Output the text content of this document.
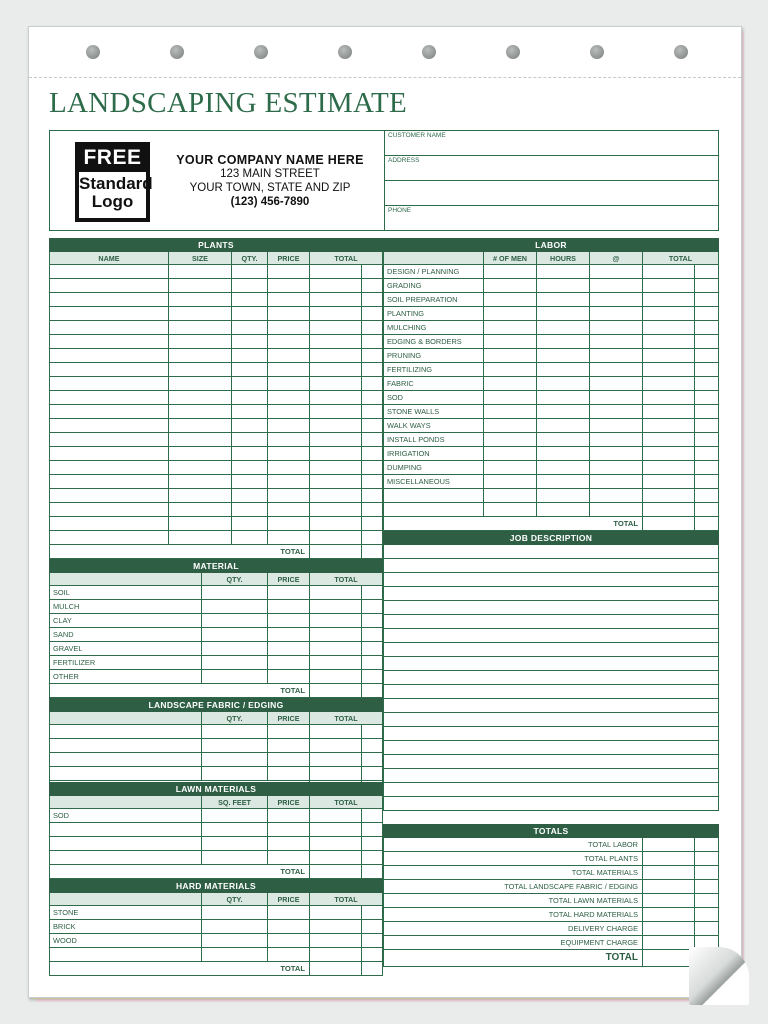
LANDSCAPING ESTIMATE
FREE
Standard
Logo
YOUR COMPANY NAME HERE
123 MAIN STREET
YOUR TOWN, STATE AND ZIP
(123) 456-7890
CUSTOMER NAME
ADDRESS
PHONE
PLANTS
NAME	SIZE	QTY.	PRICE	TOTAL
TOTAL
LABOR
# OF MEN	HOURS	@	TOTAL
DESIGN / PLANNING
GRADING
SOIL PREPARATION
PLANTING
MULCHING
EDGING & BORDERS
PRUNING
FERTILIZING
FABRIC
SOD
STONE WALLS
WALK WAYS
INSTALL PONDS
IRRIGATION
DUMPING
MISCELLANEOUS
TOTAL
JOB DESCRIPTION
MATERIAL
QTY.	PRICE	TOTAL
SOIL
MULCH
CLAY
SAND
GRAVEL
FERTILIZER
OTHER
TOTAL
LANDSCAPE FABRIC / EDGING
QTY.	PRICE	TOTAL
LAWN MATERIALS
SQ. FEET	PRICE	TOTAL
SOD
TOTAL
HARD MATERIALS
QTY.	PRICE	TOTAL
STONE
BRICK
WOOD
TOTAL
TOTALS
TOTAL LABOR
TOTAL PLANTS
TOTAL MATERIALS
TOTAL LANDSCAPE FABRIC / EDGING
TOTAL LAWN MATERIALS
TOTAL HARD MATERIALS
DELIVERY CHARGE
EQUIPMENT CHARGE
TOTAL
